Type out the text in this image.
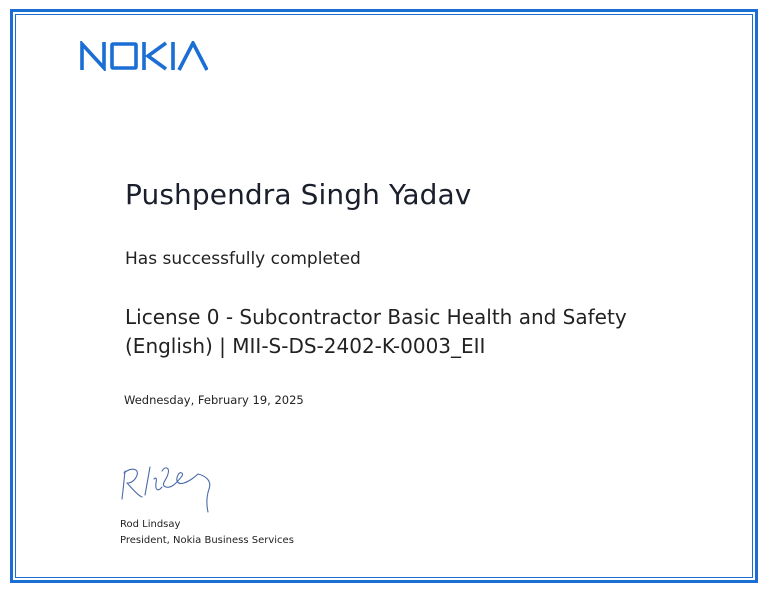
Pushpendra Singh Yadav

Has successfully completed

License 0 - Subcontractor Basic Health and Safety (English) | MII-S-DS-2402-K-0003_EII

Wednesday, February 19, 2025

Rod Lindsay

President, Nokia Business Services
